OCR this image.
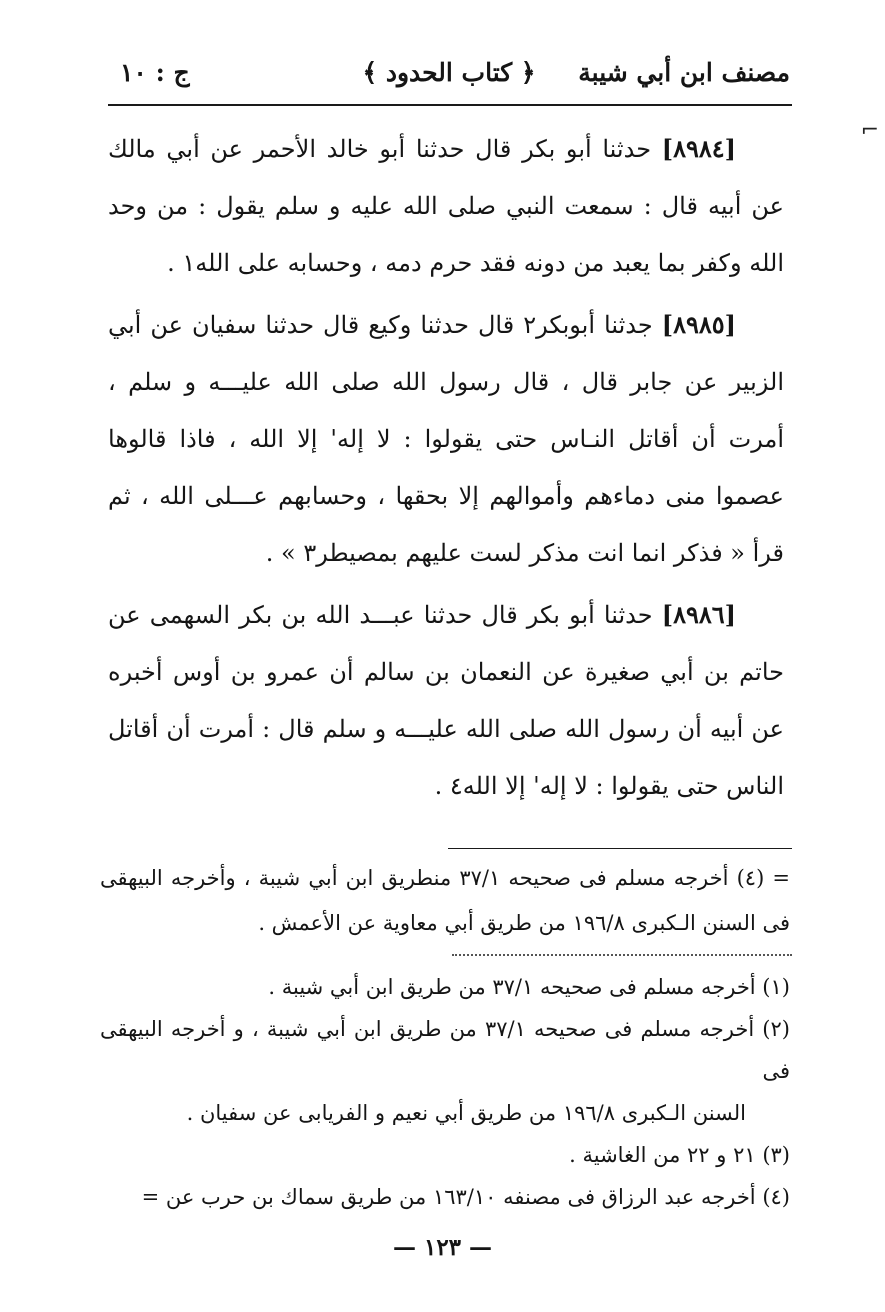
مصنف ابن أبي شيبة
﴿ كتاب الحدود ﴾
ج : ١٠

[٨٩٨٤] حدثنا أبو بكر قال حدثنا أبو خالد الأحمر عن أبي مالك عن أبيه قال : سمعت النبي صلى الله عليه و سلم يقول : من وحد الله وكفر بما يعبد من دونه فقد حرم دمه ، وحسابه على الله١ .

[٨٩٨٥] جدثنا أبوبكر٢ قال حدثنا وكيع قال حدثنا سفيان عن أبي الزبير عن جابر قال ، قال رسول الله صلى الله عليـــه و سلم ، أمرت أن أقاتل النـاس حتى يقولوا : لا إله' إلا الله ، فاذا قالوها عصموا منى دماءهم وأموالهم إلا بحقها ، وحسابهم عـــلى الله ، ثم قرأ « فذكر انما انت مذكر لست عليهم بمصيطر٣ » .

[٨٩٨٦] حدثنا أبو بكر قال حدثنا عبـــد الله بن بكر السهمى عن حاتم بن أبي صغيرة عن النعمان بن سالم أن عمرو بن أوس أخبره عن أبيه أن رسول الله صلى الله عليـــه و سلم قال : أمرت أن أقاتل الناس حتى يقولوا : لا إله' إلا الله٤ .

= (٤) أخرجه مسلم فى صحيحه ٣٧/١ منطريق ابن أبي شيبة ، وأخرجه البيهقى فى السنن الـكبرى ١٩٦/٨ من طريق أبي معاوية عن الأعمش .

(١) أخرجه مسلم فى صحيحه ٣٧/١ من طريق ابن أبي شيبة .

(٢) أخرجه مسلم فى صحيحه ٣٧/١ من طريق ابن أبي شيبة ، و أخرجه البيهقى فى

السنن الـكبرى ١٩٦/٨ من طريق أبي نعيم و الفريابى عن سفيان .

(٣) ٢١ و ٢٢ من الغاشية .

(٤) أخرجه عبد الرزاق فى مصنفه ١٦٣/١٠ من طريق سماك بن حرب عن =

— ١٢٣ —
⌐
